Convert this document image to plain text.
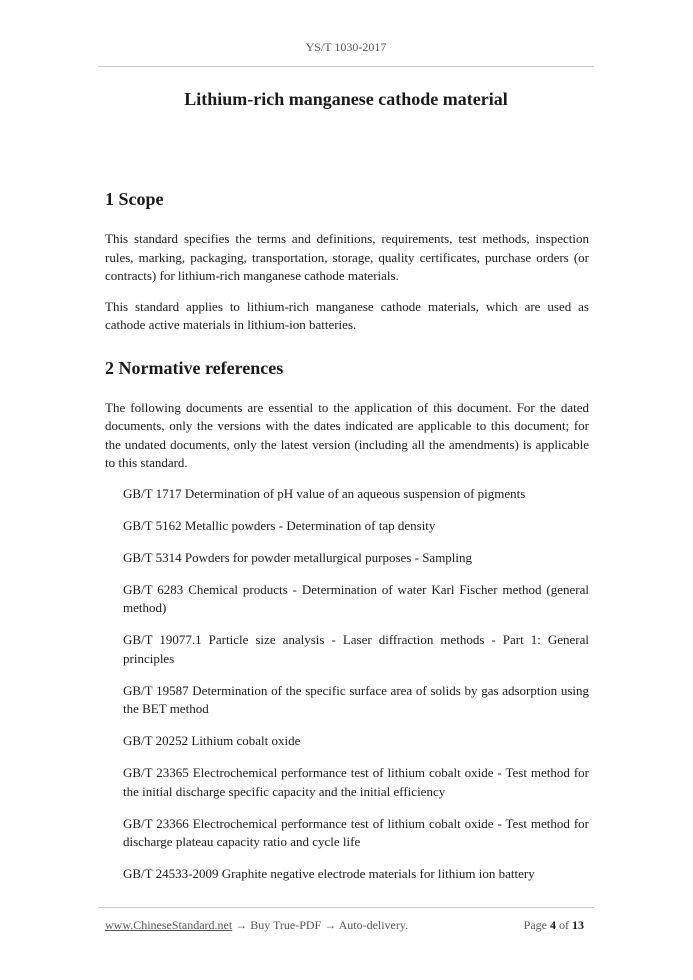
YS/T 1030-2017
Lithium-rich manganese cathode material
1 Scope

This standard specifies the terms and definitions, requirements, test methods, inspection rules, marking, packaging, transportation, storage, quality certificates, purchase orders (or contracts) for lithium-rich manganese cathode materials.

This standard applies to lithium-rich manganese cathode materials, which are used as cathode active materials in lithium-ion batteries.

2 Normative references

The following documents are essential to the application of this document. For the dated documents, only the versions with the dates indicated are applicable to this document; for the undated documents, only the latest version (including all the amendments) is applicable to this standard.

GB/T 1717 Determination of pH value of an aqueous suspension of pigments
GB/T 5162 Metallic powders - Determination of tap density
GB/T 5314 Powders for powder metallurgical purposes - Sampling
GB/T 6283 Chemical products - Determination of water Karl Fischer method (general method)
GB/T 19077.1 Particle size analysis - Laser diffraction methods - Part 1: General principles
GB/T 19587 Determination of the specific surface area of solids by gas adsorption using the BET method
GB/T 20252 Lithium cobalt oxide
GB/T 23365 Electrochemical performance test of lithium cobalt oxide - Test method for the initial discharge specific capacity and the initial efficiency
GB/T 23366 Electrochemical performance test of lithium cobalt oxide - Test method for discharge plateau capacity ratio and cycle life
GB/T 24533-2009 Graphite negative electrode materials for lithium ion battery
www.ChineseStandard.net → Buy True-PDF → Auto-delivery.	Page 4 of 13
